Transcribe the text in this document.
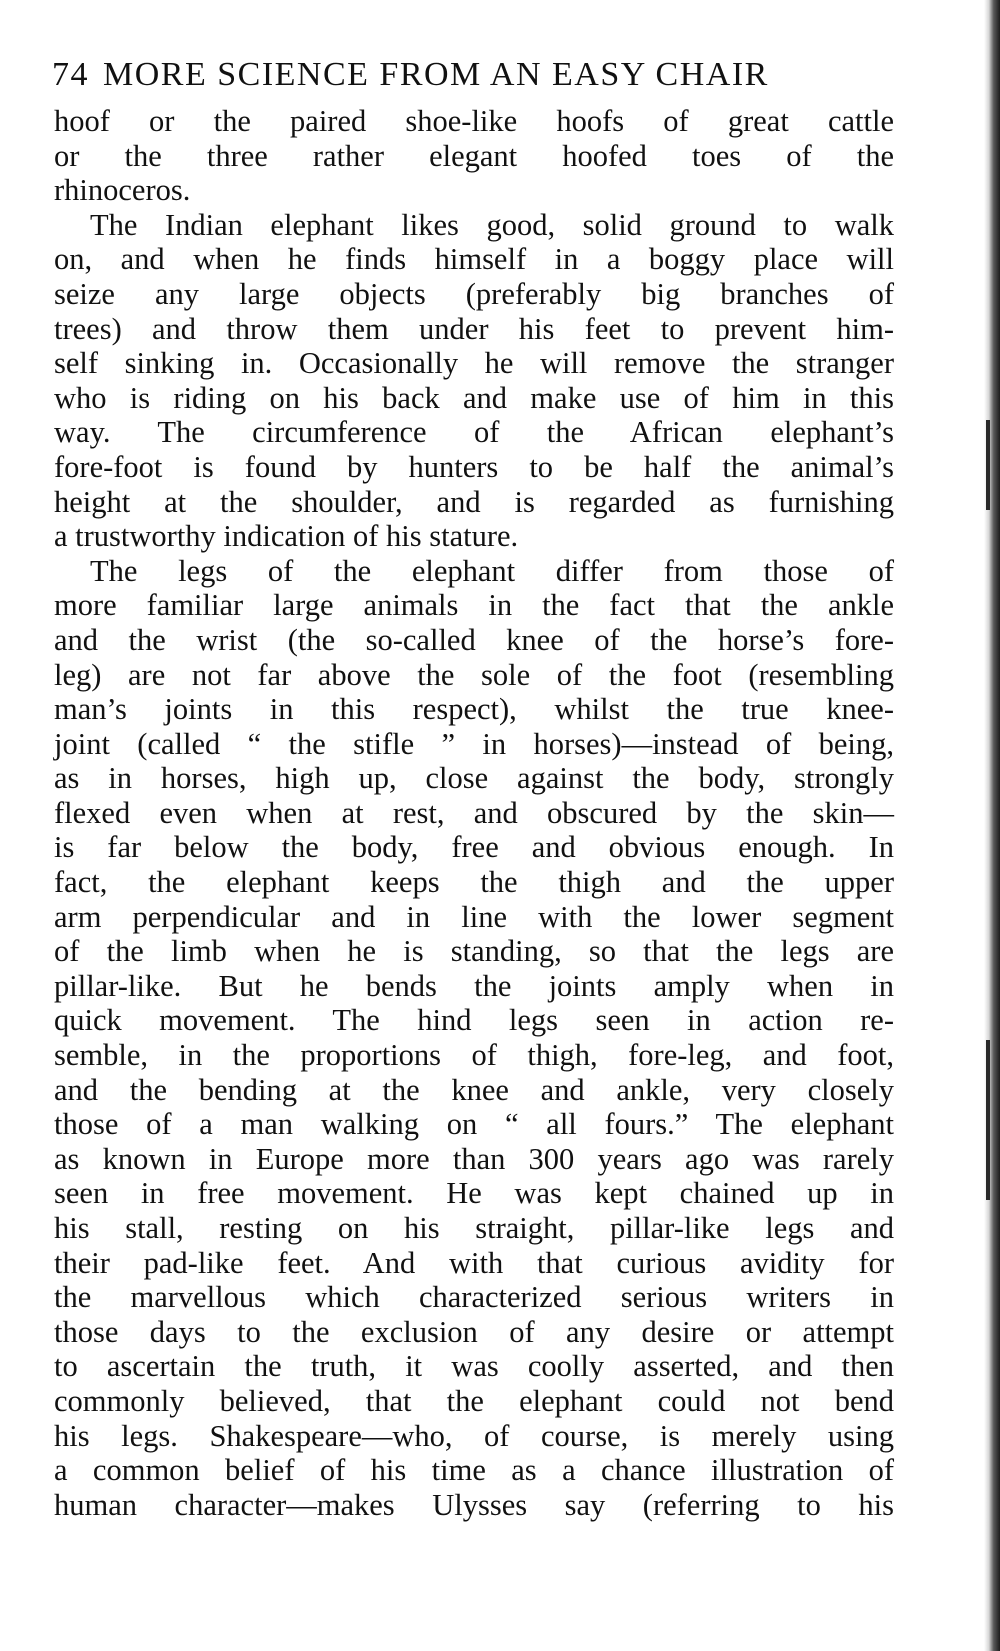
74 MORE SCIENCE FROM AN EASY CHAIR
hoof or the paired shoe-like hoofs of great cattle
or the three rather elegant hoofed toes of the
rhinoceros.
The Indian elephant likes good, solid ground to walk
on, and when he finds himself in a boggy place will
seize any large objects (preferably big branches of
trees) and throw them under his feet to prevent him-
self sinking in. Occasionally he will remove the stranger
who is riding on his back and make use of him in this
way. The circumference of the African elephant’s
fore-foot is found by hunters to be half the animal’s
height at the shoulder, and is regarded as furnishing
a trustworthy indication of his stature.
The legs of the elephant differ from those of
more familiar large animals in the fact that the ankle
and the wrist (the so-called knee of the horse’s fore-
leg) are not far above the sole of the foot (resembling
man’s joints in this respect), whilst the true knee-
joint (called “ the stifle ” in horses)—instead of being,
as in horses, high up, close against the body, strongly
flexed even when at rest, and obscured by the skin—
is far below the body, free and obvious enough. In
fact, the elephant keeps the thigh and the upper
arm perpendicular and in line with the lower segment
of the limb when he is standing, so that the legs are
pillar-like. But he bends the joints amply when in
quick movement. The hind legs seen in action re-
semble, in the proportions of thigh, fore-leg, and foot,
and the bending at the knee and ankle, very closely
those of a man walking on “ all fours.” The elephant
as known in Europe more than 300 years ago was rarely
seen in free movement. He was kept chained up in
his stall, resting on his straight, pillar-like legs and
their pad-like feet. And with that curious avidity for
the marvellous which characterized serious writers in
those days to the exclusion of any desire or attempt
to ascertain the truth, it was coolly asserted, and then
commonly believed, that the elephant could not bend
his legs. Shakespeare—who, of course, is merely using
a common belief of his time as a chance illustration of
human character—makes Ulysses say (referring to his
